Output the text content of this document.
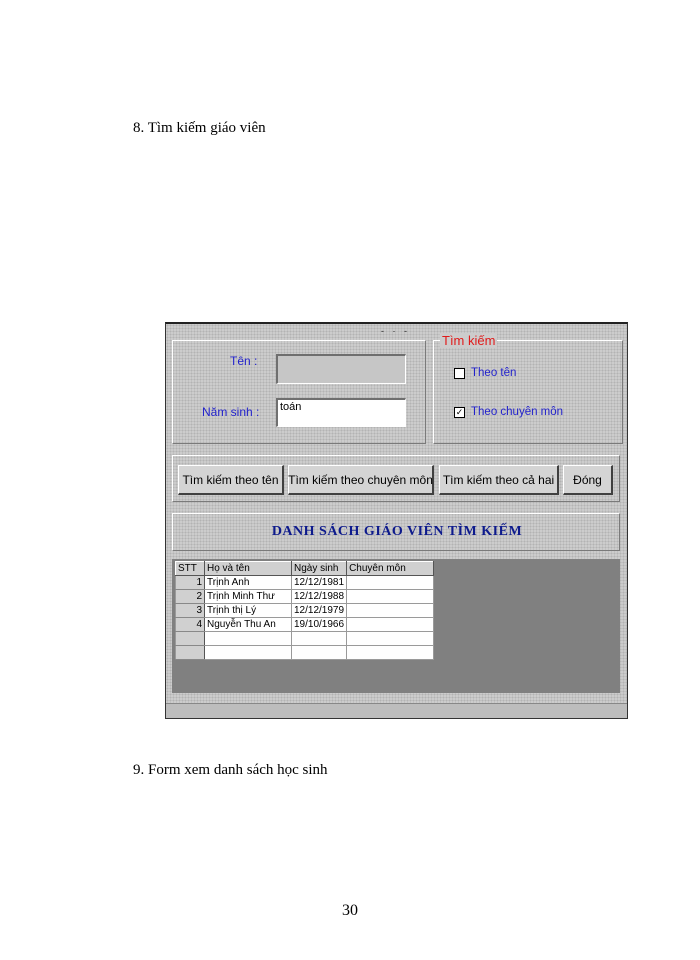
8. Tìm kiếm giáo viên
- · -
Tên :
Năm sinh :	toán
Tìm kiếm
Theo tên
✓ Theo chuyên môn
Tìm kiếm theo tên Tìm kiếm theo chuyên môn Tìm kiếm theo cả hai	Đóng
DANH SÁCH GIÁO VIÊN TÌM KIẾM
STT	Họ và tên	Ngày sinh	Chuyên môn
1	Trịnh Anh	12/12/1981	
2	Trịnh Minh Thư	12/12/1988	
3	Trịnh thị Lý	12/12/1979	
4	Nguyễn Thu An	19/10/1966	

9. Form xem danh sách học sinh
30
